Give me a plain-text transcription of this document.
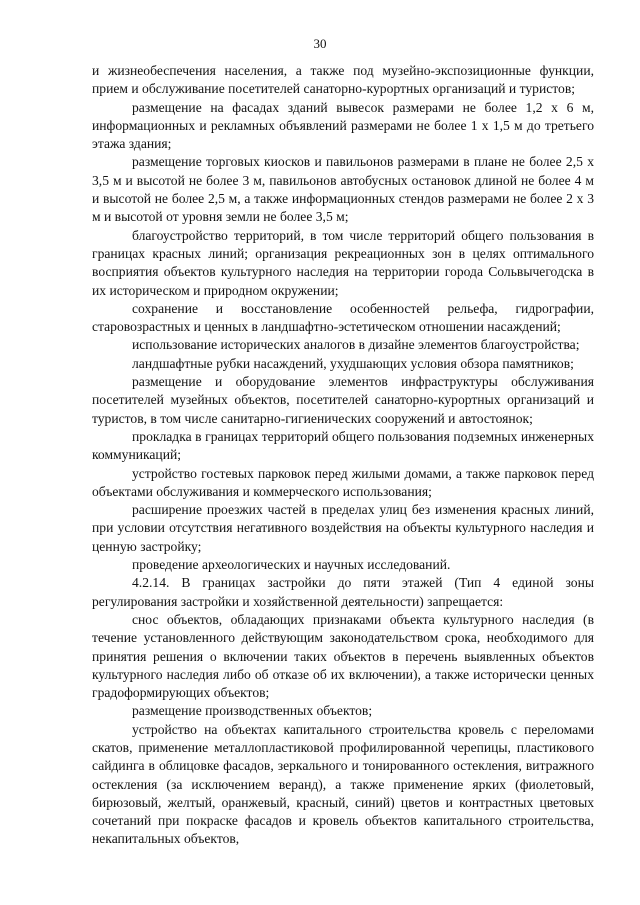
30

и жизнеобеспечения населения, а также под музейно-экспозиционные функции, прием и обслуживание посетителей санаторно-курортных организаций и туристов;

размещение на фасадах зданий вывесок размерами не более 1,2 х 6 м, информационных и рекламных объявлений размерами не более 1 х 1,5 м до третьего этажа здания;

размещение торговых киосков и павильонов размерами в плане не более 2,5 х 3,5 м и высотой не более 3 м, павильонов автобусных остановок длиной не более 4 м и высотой не более 2,5 м, а также информационных стендов размерами не более 2 х 3 м и высотой от уровня земли не более 3,5 м;

благоустройство территорий, в том числе территорий общего пользования в границах красных линий; организация рекреационных зон в целях оптимального восприятия объектов культурного наследия на территории города Сольвычегодска в их историческом и природном окружении;

сохранение и восстановление особенностей рельефа, гидрографии, старовозрастных и ценных в ландшафтно-эстетическом отношении насаждений;

использование исторических аналогов в дизайне элементов благоустройства;

ландшафтные рубки насаждений, ухудшающих условия обзора памятников;

размещение и оборудование элементов инфраструктуры обслуживания посетителей музейных объектов, посетителей санаторно-курортных организаций и туристов, в том числе санитарно-гигиенических сооружений и автостоянок;

прокладка в границах территорий общего пользования подземных инженерных коммуникаций;

устройство гостевых парковок перед жилыми домами, а также парковок перед объектами обслуживания и коммерческого использования;

расширение проезжих частей в пределах улиц без изменения красных линий, при условии отсутствия негативного воздействия на объекты культурного наследия и ценную застройку;

проведение археологических и научных исследований.

4.2.14. В границах застройки до пяти этажей (Тип 4 единой зоны регулирования застройки и хозяйственной деятельности) запрещается:

снос объектов, обладающих признаками объекта культурного наследия (в течение установленного действующим законодательством срока, необходимого для принятия решения о включении таких объектов в перечень выявленных объектов культурного наследия либо об отказе об их включении), а также исторически ценных градоформирующих объектов;

размещение производственных объектов;

устройство на объектах капитального строительства кровель с переломами скатов, применение металлопластиковой профилированной черепицы, пластикового сайдинга в облицовке фасадов, зеркального и тонированного остекления, витражного остекления (за исключением веранд), а также применение ярких (фиолетовый, бирюзовый, желтый, оранжевый, красный, синий) цветов и контрастных цветовых сочетаний при покраске фасадов и кровель объектов капитального строительства, некапитальных объектов,
